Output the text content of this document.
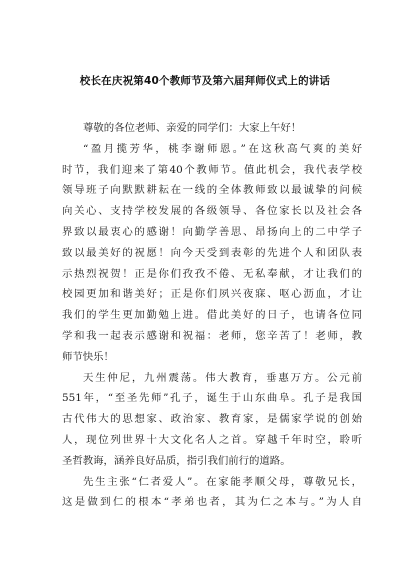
校长在庆祝第40个教师节及第六届拜师仪式上的讲话
尊敬的各位老师、亲爱的同学们：大家上午好！
“盈月揽芳华，桃李谢师恩。”在这秋高气爽的美好
时节，我们迎来了第40个教师节。值此机会，我代表学校
领导班子向默默耕耘在一线的全体教师致以最诚挚的问候
向关心、支持学校发展的各级领导、各位家长以及社会各
界致以最衷心的感谢！向勤学善思、昂扬向上的二中学子
致以最美好的祝愿！向今天受到表彰的先进个人和团队表
示热烈祝贺！正是你们孜孜不倦、无私奉献，才让我们的
校园更加和谐美好；正是你们夙兴夜寐、呕心沥血，才让
我们的学生更加勤勉上进。借此美好的日子，也请各位同
学和我一起表示感谢和祝福：老师，您辛苦了！老师，教
师节快乐！
天生仲尼，九州震荡。伟大教育，垂惠万方。公元前
551年，“至圣先师”孔子，诞生于山东曲阜。孔子是我国
古代伟大的思想家、政治家、教育家，是儒家学说的创始
人，现位列世界十大文化名人之首。穿越千年时空，聆听
圣哲教诲，涵养良好品质，指引我们前行的道路。
先生主张“仁者爱人”。在家能孝顺父母，尊敬兄长，
这是做到仁的根本“孝弟也者，其为仁之本与。”为人自
